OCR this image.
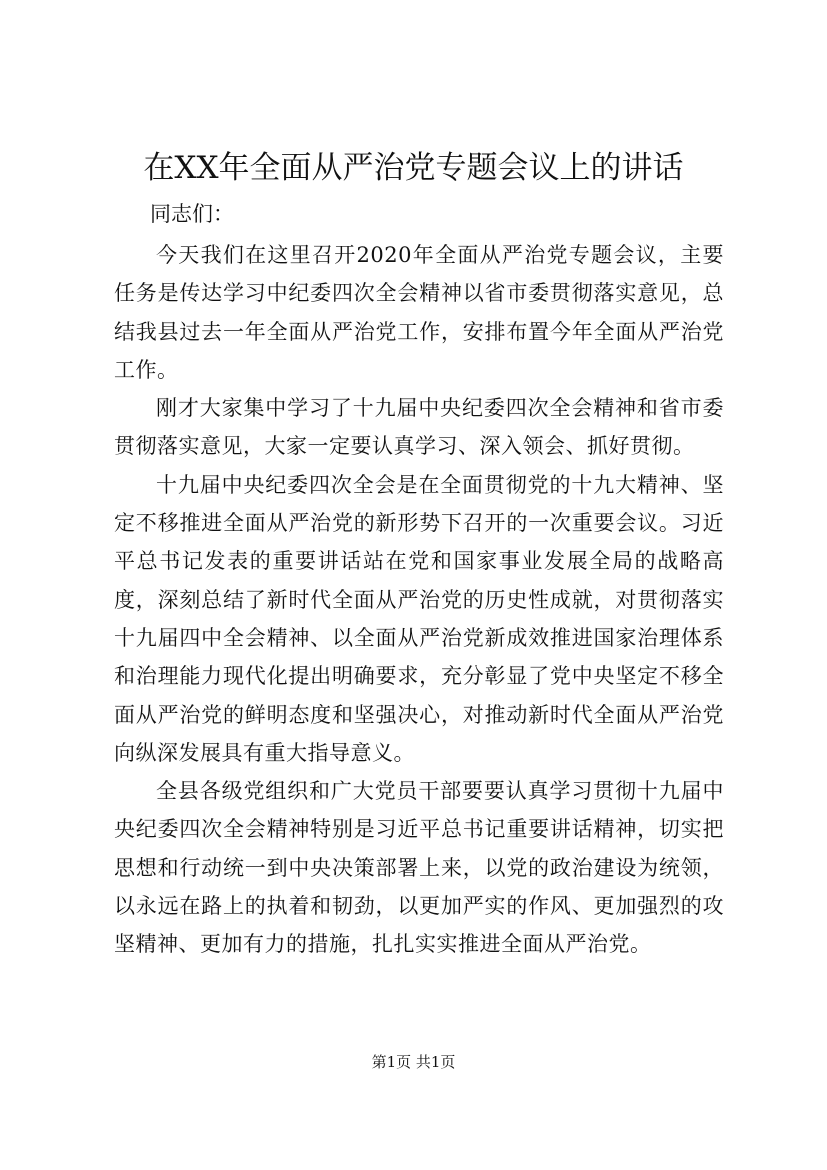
在XX年全面从严治党专题会议上的讲话
同志们：

今天我们在这里召开2020年全面从严治党专题会议，主要任务是传达学习中纪委四次全会精神以省市委贯彻落实意见，总结我县过去一年全面从严治党工作，安排布置今年全面从严治党工作。

刚才大家集中学习了十九届中央纪委四次全会精神和省市委贯彻落实意见，大家一定要认真学习、深入领会、抓好贯彻。

十九届中央纪委四次全会是在全面贯彻党的十九大精神、坚定不移推进全面从严治党的新形势下召开的一次重要会议。习近平总书记发表的重要讲话站在党和国家事业发展全局的战略高度，深刻总结了新时代全面从严治党的历史性成就，对贯彻落实十九届四中全会精神、以全面从严治党新成效推进国家治理体系和治理能力现代化提出明确要求，充分彰显了党中央坚定不移全面从严治党的鲜明态度和坚强决心，对推动新时代全面从严治党向纵深发展具有重大指导意义。

全县各级党组织和广大党员干部要要认真学习贯彻十九届中央纪委四次全会精神特别是习近平总书记重要讲话精神，切实把思想和行动统一到中央决策部署上来，以党的政治建设为统领，以永远在路上的执着和韧劲，以更加严实的作风、更加强烈的攻坚精神、更加有力的措施，扎扎实实推进全面从严治党。

第1页 共1页
